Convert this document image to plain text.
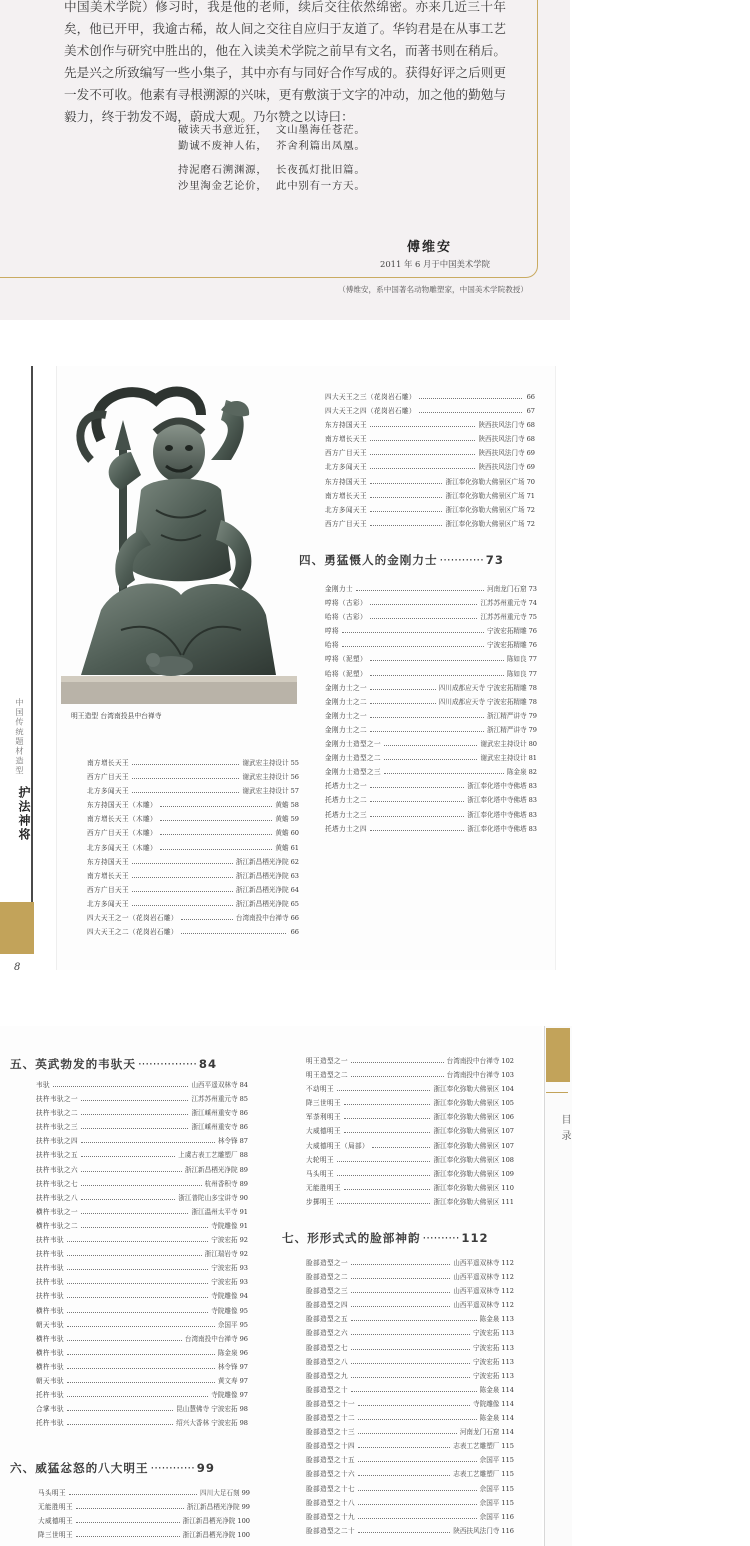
中国美术学院）修习时，我是他的老师，续后交往依然绵密。亦来几近三十年矣，他已开甲，我逾古稀，故人间之交往自应归于友道了。华钧君是在从事工艺美术创作与研究中胜出的，他在入读美术学院之前早有文名，而著书则在稍后。先是兴之所致编写一些小集子，其中亦有与同好合作写成的。获得好评之后则更一发不可收。他素有寻根溯源的兴味，更有敷演于文字的冲动，加之他的勤勉与毅力，终于勃发不竭，蔚成大观。乃尔赞之以诗曰：

破读天书意近狂， 文山墨海任苍茫。
勤诚不废神人佑， 芥舍利篇出凤凰。
持泥磨石溯渊源， 长夜孤灯批旧篇。
沙里淘金艺论价， 此中别有一方天。
傅维安
2011 年 6 月于中国美术学院
（傅维安，系中国著名动物雕塑家，中国美术学院教授）
中国传统题材造型
护法神将
8
明王造型 台湾南投县中台禅寺
南方增长天王	谢武宏主持设计 55
西方广目天王	谢武宏主持设计 56
北方多闻天王	谢武宏主持设计 57
东方持国天王（木雕）	黄蟾 58
南方增长天王（木雕）	黄蟾 59
西方广目天王（木雕）	黄蟾 60
北方多闻天王（木雕）	黄蟾 61
东方持国天王	浙江新昌栖光净院 62
南方增长天王	浙江新昌栖光净院 63
西方广目天王	浙江新昌栖光净院 64
北方多闻天王	浙江新昌栖光净院 65
四大天王之一（花岗岩石雕）	台湾南投中台禅寺 66
四大天王之二（花岗岩石雕）	66
四大天王之三（花岗岩石雕）	66
四大天王之四（花岗岩石雕）	67
东方持国天王	陕西扶风法门寺 68
南方增长天王	陕西扶风法门寺 68
西方广目天王	陕西扶风法门寺 69
北方多闻天王	陕西扶风法门寺 69
东方持国天王	浙江奉化弥勒大佛景区广场 70
南方增长天王	浙江奉化弥勒大佛景区广场 71
北方多闻天王	浙江奉化弥勒大佛景区广场 72
西方广目天王	浙江奉化弥勒大佛景区广场 72
四、勇猛慑人的金刚力士 ············ 73
金刚力士	河南龙门石窟 73
哼将（古彩）	江苏苏州重元寺 74
哈将（古彩）	江苏苏州重元寺 75
哼将	宁波宏拓精雕 76
哈将	宁波宏拓精雕 76
哼将（泥塑）	陈如良 77
哈将（泥塑）	陈如良 77
金刚力士之一	四川成都应天寺 宁波宏拓精雕 78
金刚力士之二	四川成都应天寺 宁波宏拓精雕 78
金刚力士之一	浙江精严讲寺 79
金刚力士之二	浙江精严讲寺 79
金刚力士造型之一	谢武宏主持设计 80
金刚力士造型之二	谢武宏主持设计 81
金刚力士造型之三	陈金泉 82
托塔力士之一	浙江奉化塔中寺佛塔 83
托塔力士之二	浙江奉化塔中寺佛塔 83
托塔力士之三	浙江奉化塔中寺佛塔 83
托塔力士之四	浙江奉化塔中寺佛塔 83
五、英武勃发的韦驮天 ················ 84
韦驮	山西平遥双林寺 84
扶杵韦驮之一	江苏苏州重元寺 85
扶杵韦驮之二	浙江嵊州重安寺 86
扶杵韦驮之三	浙江嵊州重安寺 86
扶杵韦驮之四	林令锋 87
扶杵韦驮之五	上虞古表工艺雕塑厂 88
扶杵韦驮之六	浙江新昌栖光净院 89
扶杵韦驮之七	杭州香积寺 89
扶杵韦驮之八	浙江普陀山多宝讲寺 90
横杵韦驮之一	浙江温州太平寺 91
横杵韦驮之二	寺院雕像 91
扶杵韦驮	宁波宏拓 92
扶杵韦驮	浙江瑞岩寺 92
扶杵韦驮	宁波宏拓 93
扶杵韦驮	宁波宏拓 93
扶杵韦驮	寺院雕像 94
横杵韦驮	寺院雕像 95
朝天韦驮	佘国平 95
横杵韦驮	台湾南投中台禅寺 96
横杵韦驮	陈金泉 96
横杵韦驮	林令锋 97
朝天韦驮	黄文寿 97
托杵韦驮	寺院雕像 97
合掌韦驮	昆山慧佛寺 宁波宏拓 98
托杵韦驮	绍兴大香林 宁波宏拓 98
六、威猛忿怒的八大明王 ············ 99
马头明王	四川大足石刻 99
无能胜明王	浙江新昌栖光净院 99
大威德明王	浙江新昌栖光净院 100
降三世明王	浙江新昌栖光净院 100
明王造型之一	台湾南投中台禅寺 102
明王造型之二	台湾南投中台禅寺 103
不动明王	浙江奉化弥勒大佛景区 104
降三世明王	浙江奉化弥勒大佛景区 105
军荼利明王	浙江奉化弥勒大佛景区 106
大威德明王	浙江奉化弥勒大佛景区 107
大威德明王（局部）	浙江奉化弥勒大佛景区 107
大轮明王	浙江奉化弥勒大佛景区 108
马头明王	浙江奉化弥勒大佛景区 109
无能胜明王	浙江奉化弥勒大佛景区 110
步掷明王	浙江奉化弥勒大佛景区 111
七、形形式式的脸部神韵 ·········· 112
脸部造型之一	山西平遥双林寺 112
脸部造型之二	山西平遥双林寺 112
脸部造型之三	山西平遥双林寺 112
脸部造型之四	山西平遥双林寺 112
脸部造型之五	陈金泉 113
脸部造型之六	宁波宏拓 113
脸部造型之七	宁波宏拓 113
脸部造型之八	宁波宏拓 113
脸部造型之九	宁波宏拓 113
脸部造型之十	陈金泉 114
脸部造型之十一	寺院雕像 114
脸部造型之十二	陈金泉 114
脸部造型之十三	河南龙门石窟 114
脸部造型之十四	志表工艺雕塑厂 115
脸部造型之十五	佘国平 115
脸部造型之十六	志表工艺雕塑厂 115
脸部造型之十七	佘国平 115
脸部造型之十八	佘国平 115
脸部造型之十九	佘国平 116
脸部造型之二十	陕西扶风法门寺 116
目录
